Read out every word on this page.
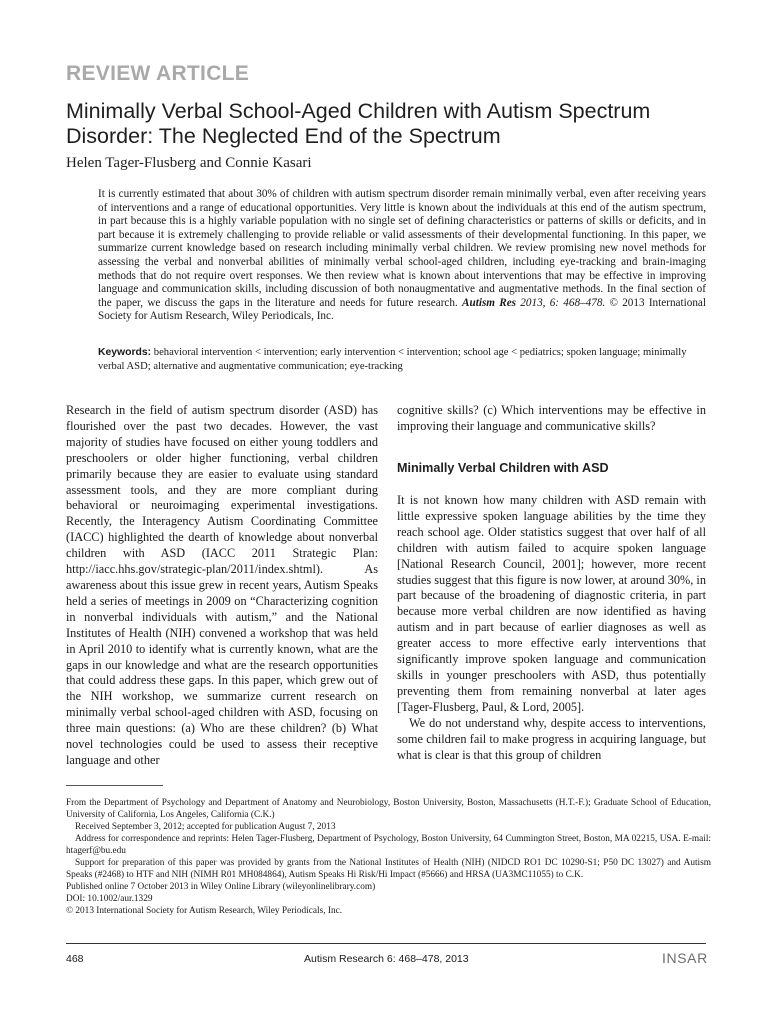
REVIEW ARTICLE
Minimally Verbal School-Aged Children with Autism Spectrum Disorder: The Neglected End of the Spectrum
Helen Tager-Flusberg and Connie Kasari
It is currently estimated that about 30% of children with autism spectrum disorder remain minimally verbal, even after receiving years of interventions and a range of educational opportunities. Very little is known about the individuals at this end of the autism spectrum, in part because this is a highly variable population with no single set of defining characteristics or patterns of skills or deficits, and in part because it is extremely challenging to provide reliable or valid assessments of their developmental functioning. In this paper, we summarize current knowledge based on research including minimally verbal children. We review promising new novel methods for assessing the verbal and nonverbal abilities of minimally verbal school-aged children, including eye-tracking and brain-imaging methods that do not require overt responses. We then review what is known about interventions that may be effective in improving language and communication skills, including discussion of both nonaugmentative and augmentative methods. In the final section of the paper, we discuss the gaps in the literature and needs for future research. Autism Res 2013, 6: 468–478. © 2013 International Society for Autism Research, Wiley Periodicals, Inc.
Keywords: behavioral intervention < intervention; early intervention < intervention; school age < pediatrics; spoken language; minimally verbal ASD; alternative and augmentative communication; eye-tracking
Research in the field of autism spectrum disorder (ASD) has flourished over the past two decades. However, the vast majority of studies have focused on either young toddlers and preschoolers or older higher functioning, verbal children primarily because they are easier to evaluate using standard assessment tools, and they are more compliant during behavioral or neuroimaging experimental investigations. Recently, the Interagency Autism Coordinating Committee (IACC) highlighted the dearth of knowledge about nonverbal children with ASD (IACC 2011 Strategic Plan: http://iacc.hhs.gov/strategic-plan/2011/index.shtml). As awareness about this issue grew in recent years, Autism Speaks held a series of meetings in 2009 on “Characterizing cognition in nonverbal individuals with autism,” and the National Institutes of Health (NIH) convened a workshop that was held in April 2010 to identify what is currently known, what are the gaps in our knowledge and what are the research opportunities that could address these gaps. In this paper, which grew out of the NIH workshop, we summarize current research on minimally verbal school-aged children with ASD, focusing on three main questions: (a) Who are these children? (b) What novel technologies could be used to assess their receptive language and other
cognitive skills? (c) Which interventions may be effective in improving their language and communicative skills?
Minimally Verbal Children with ASD

It is not known how many children with ASD remain with little expressive spoken language abilities by the time they reach school age. Older statistics suggest that over half of all children with autism failed to acquire spoken language [National Research Council, 2001]; however, more recent studies suggest that this figure is now lower, at around 30%, in part because of the broadening of diagnostic criteria, in part because more verbal children are now identified as having autism and in part because of earlier diagnoses as well as greater access to more effective early interventions that significantly improve spoken language and communication skills in younger preschoolers with ASD, thus potentially preventing them from remaining nonverbal at later ages [Tager-Flusberg, Paul, & Lord, 2005].

We do not understand why, despite access to interventions, some children fail to make progress in acquiring language, but what is clear is that this group of children

From the Department of Psychology and Department of Anatomy and Neurobiology, Boston University, Boston, Massachusetts (H.T.-F.); Graduate School of Education, University of California, Los Angeles, California (C.K.)

Received September 3, 2012; accepted for publication August 7, 2013

Address for correspondence and reprints: Helen Tager-Flusberg, Department of Psychology, Boston University, 64 Cummington Street, Boston, MA 02215, USA. E-mail: htagerf@bu.edu

Support for preparation of this paper was provided by grants from the National Institutes of Health (NIH) (NIDCD RO1 DC 10290-S1; P50 DC 13027) and Autism Speaks (#2468) to HTF and NIH (NIMH R01 MH084864), Autism Speaks Hi Risk/Hi Impact (#5666) and HRSA (UA3MC11055) to C.K.

Published online 7 October 2013 in Wiley Online Library (wileyonlinelibrary.com)

DOI: 10.1002/aur.1329

© 2013 International Society for Autism Research, Wiley Periodicals, Inc.

468	Autism Research 6: 468–478, 2013	INSAR
